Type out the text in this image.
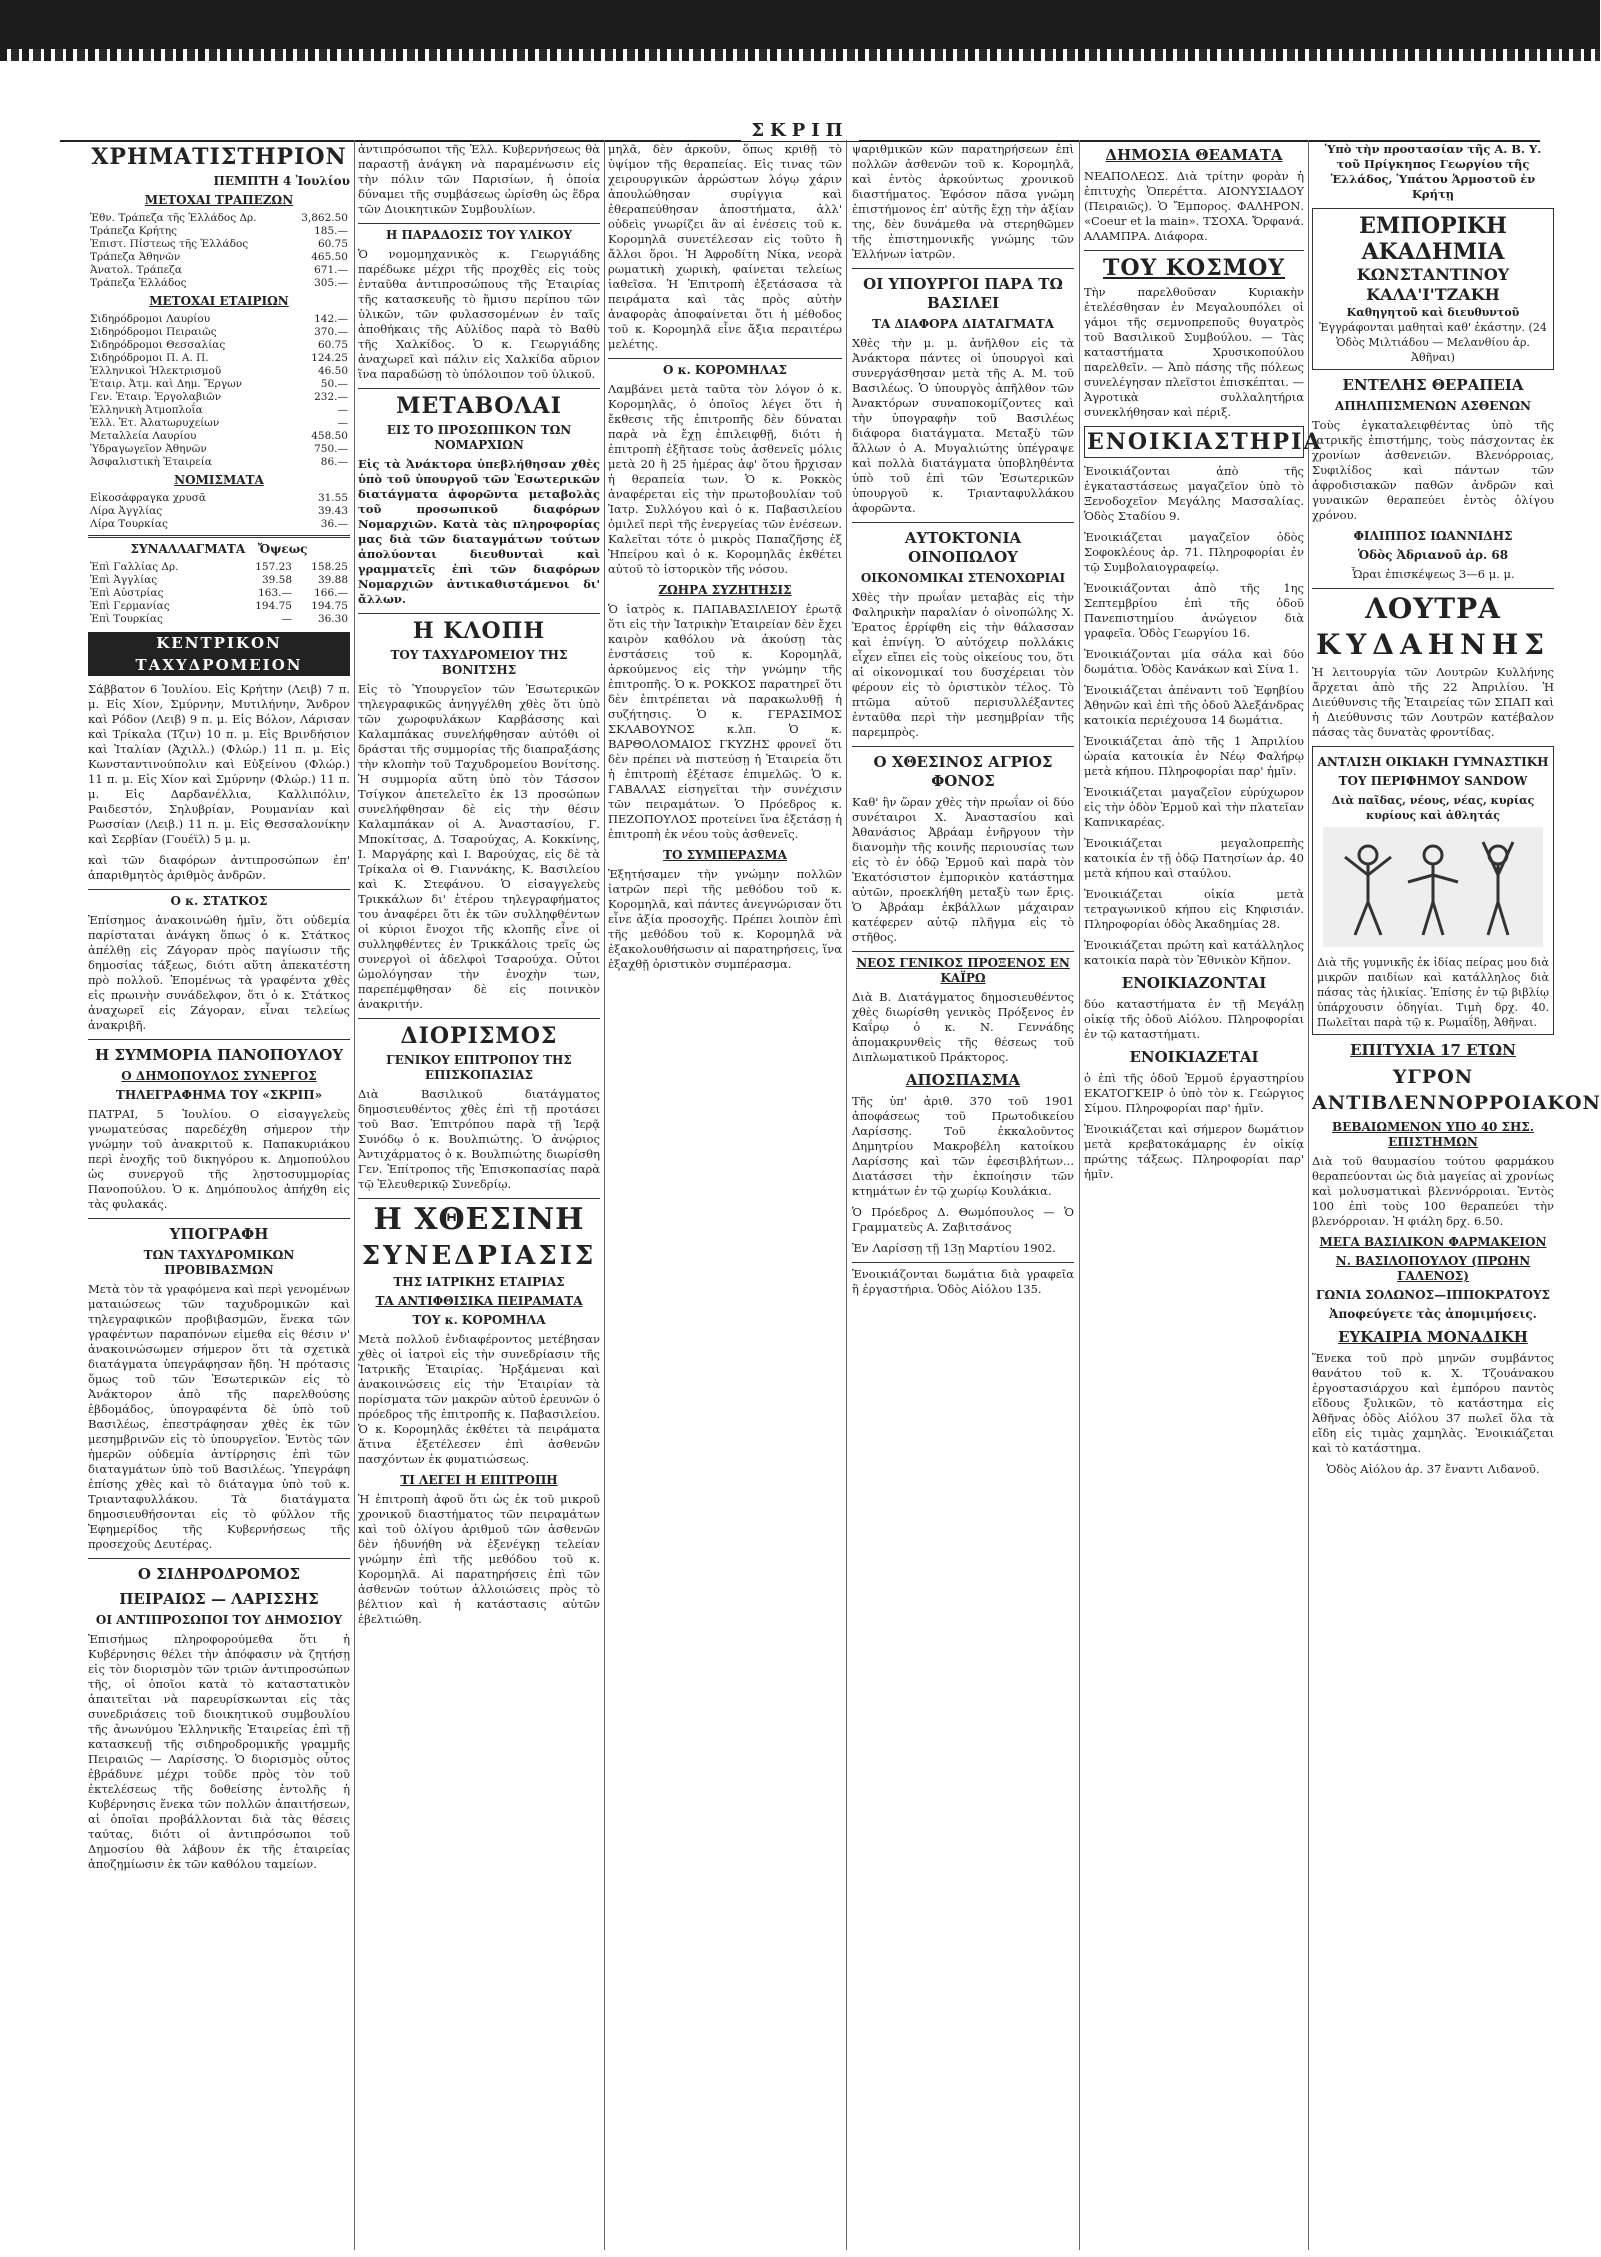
ΣΚΡΙΠ
ΧΡΗΜΑΤΙΣΤΗΡΙΟΝ
ΠΕΜΠΤΗ 4 Ἰουλίου
ΜΕΤΟΧΑΙ ΤΡΑΠΕΖΩΝ
Ἐθν. Τράπεζα τῆς Ἑλλάδος Δρ.	3,862.50
Τράπεζα Κρήτης	185.—
Ἐπιστ. Πίστεως τῆς Ἑλλάδος	60.75
Τράπεζα Ἀθηνῶν	465.50
Ἀνατολ. Τράπεζα	671.—
Τράπεζα Ἑλλάδος	305.—
ΜΕΤΟΧΑΙ ΕΤΑΙΡΙΩΝ
Σιδηρόδρομοι Λαυρίου	142.—
Σιδηρόδρομοι Πειραιῶς	370.—
Σιδηρόδρομοι Θεσσαλίας	60.75
Σιδηρόδρομοι Π. Α. Π.	124.25
Ἑλληνικοὶ Ἠλεκτρισμοῦ	46.50
Ἑταιρ. Ἀτμ. καὶ Δημ. Ἔργων	50.—
Γεν. Ἑταιρ. Ἐργολαβιῶν	232.—
Ἑλληνικὴ Ἀτμοπλοΐα	—
Ἑλλ. Ἑτ. Ἀλατωρυχείων	—
Μεταλλεία Λαυρίου	458.50
Ὑδραγωγεῖον Ἀθηνῶν	750.—
Ἀσφαλιστικὴ Ἑταιρεία	86.—
ΝΟΜΙΣΜΑΤΑ
Εἰκοσάφραγκα χρυσᾶ	31.55
Λίρα Ἀγγλίας	39.43
Λίρα Τουρκίας	36.—
ΣΥΝΑΛΛΑΓΜΑΤΑ Ὄψεως
Ἐπὶ Γαλλίας Δρ.	157.23	158.25
Ἐπὶ Ἀγγλίας	39.58	39.88
Ἐπὶ Αὐστρίας	163.—	166.—
Ἐπὶ Γερμανίας	194.75	194.75
Ἐπὶ Τουρκίας	—	36.30
ΚΕΝΤΡΙΚΟΝ ΤΑΧΥΔΡΟΜΕΙΟΝ
Σάββατον 6 Ἰουλίου. Εἰς Κρήτην (Λειβ) 7 π. μ. Εἰς Χίον, Σμύρνην, Μυτιλήνην, Ἄνδρον καὶ Ρόδον (Λειβ) 9 π. μ. Εἰς Βόλον, Λάρισαν καὶ Τρίκαλα (Τζιν) 10 π. μ. Εἰς Βρινδήσιον καὶ Ἰταλίαν (Ἀχιλλ.) (Φλώρ.) 11 π. μ. Εἰς Κωνσταντινούπολιν καὶ Εὐξείνου (Φλώρ.) 11 π. μ. Εἰς Χίον καὶ Σμύρνην (Φλώρ.) 11 π. μ. Εἰς Δαρδανέλλια, Καλλιπόλιν, Ραιδεστόν, Σηλυβρίαν, Ρουμανίαν καὶ Ρωσσίαν (Λειβ.) 11 π. μ. Εἰς Θεσσαλονίκην καὶ Σερβίαν (Γουέϊλ) 5 μ. μ.
καὶ τῶν διαφόρων ἀντιπροσώπων ἐπ' ἀπαριθμητὸς ἀριθμὸς ἀνδρῶν.
Ο κ. ΣΤΑΤΚΟΣ
Ἐπίσημος ἀνακοινώθη ἡμῖν, ὅτι οὐδεμία παρίσταται ἀνάγκη ὅπως ὁ κ. Στάτκος ἀπέλθῃ εἰς Ζάγοραν πρὸς παγίωσιν τῆς δημοσίας τάξεως, διότι αὕτη ἀπεκατέστη πρὸ πολλοῦ. Ἐπομένως τὰ γραφέντα χθὲς εἰς πρωινὴν συνάδελφον, ὅτι ὁ κ. Στάτκος ἀναχωρεῖ εἰς Ζάγοραν, εἶναι τελείως ἀνακριβῆ.
Η ΣΥΜΜΟΡΙΑ ΠΑΝΟΠΟΥΛΟΥ
Ο ΔΗΜΟΠΟΥΛΟΣ ΣΥΝΕΡΓΟΣ
ΤΗΛΕΓΡΑΦΗΜΑ ΤΟΥ «ΣΚΡΙΠ»
ΠΑΤΡΑΙ, 5 Ἰουλίου. Ο εἰσαγγελεὺς γνωματεύσας παρεδέχθη σήμερον τὴν γνώμην τοῦ ἀνακριτοῦ κ. Παπακυριάκου περὶ ἐνοχῆς τοῦ δικηγόρου κ. Δημοπούλου ὡς συνεργοῦ τῆς λῃστοσυμμορίας Πανοπούλου. Ὁ κ. Δημόπουλος ἀπήχθη εἰς τὰς φυλακάς.
ΥΠΟΓΡΑΦΗ
ΤΩΝ ΤΑΧΥΔΡΟΜΙΚΩΝ ΠΡΟΒΙΒΑΣΜΩΝ
Μετὰ τὸν τὰ γραφόμενα καὶ περὶ γενομένων ματαιώσεως τῶν ταχυδρομικῶν καὶ τηλεγραφικῶν προβιβασμῶν, ἕνεκα τῶν γραφέντων παραπόνων εἰμεθα εἰς θέσιν ν' ἀνακοινώσωμεν σήμερον ὅτι τὰ σχετικὰ διατάγματα ὑπεγράφησαν ἤδη. Ἡ πρότασις ὅμως τοῦ τῶν Ἐσωτερικῶν εἰς τὸ Ἀνάκτορον ἀπὸ τῆς παρελθούσης ἑβδομάδος, ὑπογραφέντα δὲ ὑπὸ τοῦ Βασιλέως, ἐπεστράφησαν χθὲς ἐκ τῶν μεσημβρινῶν εἰς τὸ ὑπουργεῖον. Ἐντὸς τῶν ἡμερῶν οὐδεμία ἀντίρρησις ἐπὶ τῶν διαταγμάτων ὑπὸ τοῦ Βασιλέως. Ὑπεγράφη ἐπίσης χθὲς καὶ τὸ διάταγμα ὑπὸ τοῦ κ. Τριανταφυλλάκου. Τὰ διατάγματα δημοσιευθήσονται εἰς τὸ φύλλον τῆς Ἐφημερίδος τῆς Κυβερνήσεως τῆς προσεχοῦς Δευτέρας.
Ο ΣΙΔΗΡΟΔΡΟΜΟΣ
ΠΕΙΡΑΙΩΣ — ΛΑΡΙΣΣΗΣ
ΟΙ ΑΝΤΙΠΡΟΣΩΠΟΙ ΤΟΥ ΔΗΜΟΣΙΟΥ
Ἐπισήμως πληροφορούμεθα ὅτι ἡ Κυβέρνησις θέλει τὴν ἀπόφασιν νὰ ζητήσῃ εἰς τὸν διορισμὸν τῶν τριῶν ἀντιπροσώπων τῆς, οἱ ὁποῖοι κατὰ τὸ καταστατικὸν ἀπαιτεῖται νὰ παρευρίσκωνται εἰς τὰς συνεδριάσεις τοῦ διοικητικοῦ συμβουλίου τῆς ἀνωνύμου Ἑλληνικῆς Ἑταιρείας ἐπὶ τῇ κατασκευῇ τῆς σιδηροδρομικῆς γραμμῆς Πειραιῶς — Λαρίσσης. Ὁ διορισμὸς οὗτος ἐβράδυνε μέχρι τοῦδε πρὸς τὸν τοῦ ἐκτελέσεως τῆς δοθείσης ἐντολῆς ἡ Κυβέρνησις ἕνεκα τῶν πολλῶν ἀπαιτήσεων, αἱ ὁποῖαι προβάλλονται διὰ τὰς θέσεις ταύτας, διότι οἱ ἀντιπρόσωποι τοῦ Δημοσίου θὰ λάβουν ἐκ τῆς ἑταιρείας ἀποζημίωσιν ἐκ τῶν καθόλου ταμείων.
ἀντιπρόσωποι τῆς Ἑλλ. Κυβερνήσεως θὰ παραστῇ ἀνάγκη νὰ παραμένωσιν εἰς τὴν πόλιν τῶν Παρισίων, ἡ ὁποία δύναμει τῆς συμβάσεως ὡρίσθη ὡς ἕδρα τῶν Διοικητικῶν Συμβουλίων.
Η ΠΑΡΑΔΟΣΙΣ ΤΟΥ ΥΛΙΚΟΥ
Ὁ νομομηχανικὸς κ. Γεωργιάδης παρέδωκε μέχρι τῆς προχθὲς εἰς τοὺς ἐνταῦθα ἀντιπροσώπους τῆς Ἑταιρίας τῆς κατασκευῆς τὸ ἥμισυ περίπου τῶν ὑλικῶν, τῶν φυλασσομένων ἐν ταῖς ἀποθήκαις τῆς Αὐλίδος παρὰ τὸ Βαθὺ τῆς Χαλκίδος. Ὁ κ. Γεωργιάδης ἀναχωρεῖ καὶ πάλιν εἰς Χαλκίδα αὔριον ἵνα παραδώσῃ τὸ ὑπόλοιπον τοῦ ὑλικοῦ.
ΜΕΤΑΒΟΛΑΙ
ΕΙΣ ΤΟ ΠΡΟΣΩΠΙΚΟΝ ΤΩΝ ΝΟΜΑΡΧΙΩΝ
Εἰς τὰ Ἀνάκτορα ὑπεβλήθησαν χθὲς ὑπὸ τοῦ ὑπουργοῦ τῶν Ἐσωτερικῶν διατάγματα ἀφορῶντα μεταβολὰς τοῦ προσωπικοῦ διαφόρων Νομαρχιῶν. Κατὰ τὰς πληροφορίας μας διὰ τῶν διαταγμάτων τούτων ἀπολύονται διευθυνταὶ καὶ γραμματεῖς ἐπὶ τῶν διαφόρων Νομαρχιῶν ἀντικαθιστάμενοι δι' ἄλλων.
Η ΚΛΟΠΗ
ΤΟΥ ΤΑΧΥΔΡΟΜΕΙΟΥ ΤΗΣ ΒΟΝΙΤΣΗΣ
Εἰς τὸ Ὑπουργεῖον τῶν Ἐσωτερικῶν τηλεγραφικῶς ἀνηγγέλθη χθὲς ὅτι ὑπὸ τῶν χωροφυλάκων Καρβάσσης καὶ Καλαμπάκας συνελήφθησαν αὐτόθι οἱ δράσται τῆς συμμορίας τῆς διαπραξάσης τὴν κλοπὴν τοῦ Ταχυδρομείου Βονίτσης. Ἡ συμμορία αὕτη ὑπὸ τὸν Τάσσον Τσίγκον ἀπετελεῖτο ἐκ 13 προσώπων συνελήφθησαν δὲ εἰς τὴν θέσιν Καλαμπάκαν οἱ Α. Ἀναστασίου, Γ. Μποκίτσας, Δ. Τσαρούχας, Α. Κοκκίνης, Ι. Μαργάρης καὶ Ι. Βαρούχας, εἰς δὲ τὰ Τρίκαλα οἱ Θ. Γιαννάκης, Κ. Βασιλείου καὶ Κ. Στεφάνου. Ὁ εἰσαγγελεὺς Τρικκάλων δι' ἑτέρου τηλεγραφήματος του ἀναφέρει ὅτι ἐκ τῶν συλληφθέντων οἱ κύριοι ἔνοχοι τῆς κλοπῆς εἶνε οἱ συλληφθέντες ἐν Τρικκάλοις τρεῖς ὡς συνεργοὶ οἱ ἀδελφοὶ Τσαρούχα. Οὗτοι ὡμολόγησαν τὴν ἐνοχὴν των, παρεπέμφθησαν δὲ εἰς ποινικὸν ἀνακριτήν.
ΔΙΟΡΙΣΜΟΣ
ΓΕΝΙΚΟΥ ΕΠΙΤΡΟΠΟΥ ΤΗΣ ΕΠΙΣΚΟΠΑΣΙΑΣ
Διὰ Βασιλικοῦ διατάγματος δημοσιευθέντος χθὲς ἐπὶ τῇ προτάσει τοῦ Βασ. Ἐπιτρόπου παρὰ τῇ Ἱερᾷ Συνόδῳ ὁ κ. Βουλπιώτης. Ὁ ἀνῴριος Ἀντιχάρματος ὁ κ. Βουλπιώτης διωρίσθη Γεν. Ἐπίτροπος τῆς Ἐπισκοπασίας παρὰ τῷ Ἐλευθερικῷ Συνεδρίῳ.
Η ΧΘΕΣΙΝΗ
ΣΥΝΕΔΡΙΑΣΙΣ
ΤΗΣ ΙΑΤΡΙΚΗΣ ΕΤΑΙΡΙΑΣ
ΤΑ ΑΝΤΙΦΘΙΣΙΚΑ ΠΕΙΡΑΜΑΤΑ
ΤΟΥ κ. ΚΟΡΟΜΗΛΑ
Μετὰ πολλοῦ ἐνδιαφέροντος μετέβησαν χθὲς οἱ ἰατροὶ εἰς τὴν συνεδρίασιν τῆς Ἰατρικῆς Ἑταιρίας. Ἠρξάμεναι καὶ ἀνακοινώσεις εἰς τὴν Ἑταιρίαν τὰ πορίσματα τῶν μακρῶν αὐτοῦ ἐρευνῶν ὁ πρόεδρος τῆς ἐπιτροπῆς κ. Παβασιλείου. Ὁ κ. Κορομηλᾶς ἐκθέτει τὰ πειράματα ἅτινα ἐξετέλεσεν ἐπὶ ἀσθενῶν πασχόντων ἐκ φυματιώσεως.
ΤΙ ΛΕΓΕΙ Η ΕΠΙΤΡΟΠΗ
Ἡ ἐπιτροπὴ ἀφοῦ ὅτι ὡς ἐκ τοῦ μικροῦ χρονικοῦ διαστήματος τῶν πειραμάτων καὶ τοῦ ὀλίγου ἀριθμοῦ τῶν ἀσθενῶν δὲν ἠδυνήθη νὰ ἐξενέγκῃ τελείαν γνώμην ἐπὶ τῆς μεθόδου τοῦ κ. Κορομηλᾶ. Αἱ παρατηρήσεις ἐπὶ τῶν ἀσθενῶν τούτων ἀλλοιώσεις πρὸς τὸ βέλτιον καὶ ἡ κατάστασις αὐτῶν ἐβελτιώθη.
μηλᾶ, δὲν ἀρκοῦν, ὅπως κριθῇ τὸ ὑψίμον τῆς θεραπείας. Εἰς τινας τῶν χειρουργικῶν ἀρρώστων λόγῳ χάριν ἀπουλώθησαν συρίγγια καὶ ἐθεραπεύθησαν ἀποστήματα, ἀλλ' οὐδεὶς γνωρίζει ἂν αἱ ἐνέσεις τοῦ κ. Κορομηλᾶ συνετέλεσαν εἰς τοῦτο ἢ ἄλλοι ὅροι. Ἡ Ἀφροδίτη Νίκα, νεορὰ ρωματικὴ χωρικὴ, φαίνεται τελείως ἰαθεῖσα. Ἡ Ἐπιτροπὴ ἐξετάσασα τὰ πειράματα καὶ τὰς πρὸς αὐτὴν ἀναφορὰς ἀποφαίνεται ὅτι ἡ μέθοδος τοῦ κ. Κορομηλᾶ εἶνε ἄξια περαιτέρω μελέτης.
Ο κ. ΚΟΡΟΜΗΛΑΣ
Λαμβάνει μετὰ ταῦτα τὸν λόγον ὁ κ. Κορομηλᾶς, ὁ ὁποῖος λέγει ὅτι ἡ ἔκθεσις τῆς ἐπιτροπῆς δὲν δύναται παρὰ νὰ ἔχῃ ἐπιλειφθῇ, διότι ἡ ἐπιτροπὴ ἐξῆτασε τοὺς ἀσθενεῖς μόλις μετὰ 20 ἢ 25 ἡμέρας ἀφ' ὅτου ἤρχισαν ἡ θεραπεία των. Ὁ κ. Ροκκὸς ἀναφέρεται εἰς τὴν πρωτοβουλίαν τοῦ Ἰατρ. Συλλόγου καὶ ὁ κ. Παβασιλείου ὁμιλεῖ περὶ τῆς ἐνεργείας τῶν ἐνέσεων. Καλεῖται τότε ὁ μικρὸς Παπαζῆσης ἐξ Ἠπείρου καὶ ὁ κ. Κορομηλᾶς ἐκθέτει αὐτοῦ τὸ ἱστορικὸν τῆς νόσου.
ΖΩΗΡΑ ΣΥΖΗΤΗΣΙΣ
Ὁ ἰατρὸς κ. ΠΑΠΑΒΑΣΙΛΕΙΟΥ ἐρωτᾷ ὅτι εἰς τὴν Ἰατρικὴν Ἑταιρείαν δὲν ἔχει καιρὸν καθόλου νὰ ἀκούσῃ τὰς ἐνστάσεις τοῦ κ. Κορομηλᾶ, ἀρκούμενος εἰς τὴν γνώμην τῆς ἐπιτροπῆς. Ὁ κ. ΡΟΚΚΟΣ παρατηρεῖ ὅτι δὲν ἐπιτρέπεται νὰ παρακωλυθῇ ἡ συζήτησις. Ὁ κ. ΓΕΡΑΣΙΜΟΣ ΣΚΛΑΒΟΥΝΟΣ κ.λπ. Ὁ κ. ΒΑΡΘΟΛΟΜΑΙΟΣ ΓΚΥΖΗΣ φρονεῖ ὅτι δὲν πρέπει νὰ πιστεύσῃ ἡ Ἑταιρεία ὅτι ἡ ἐπιτροπὴ ἐξέτασε ἐπιμελῶς. Ὁ κ. ΓΑΒΑΛΑΣ εἰσηγεῖται τὴν συνέχισιν τῶν πειραμάτων. Ὁ Πρόεδρος κ. ΠΕΖΟΠΟΥΛΟΣ προτείνει ἵνα ἐξετάσῃ ἡ ἐπιτροπὴ ἐκ νέου τοὺς ἀσθενεῖς.
ΤΟ ΣΥΜΠΕΡΑΣΜΑ
Ἐξητήσαμεν τὴν γνώμην πολλῶν ἰατρῶν περὶ τῆς μεθόδου τοῦ κ. Κορομηλᾶ, καὶ πάντες ἀνεγνώρισαν ὅτι εἶνε ἀξία προσοχῆς. Πρέπει λοιπὸν ἐπὶ τῆς μεθόδου τοῦ κ. Κορομηλᾶ νὰ ἐξακολουθήσωσιν αἱ παρατηρήσεις, ἵνα ἐξαχθῇ ὁριστικὸν συμπέρασμα.
ψαριθμικῶν κῶν παρατηρήσεων ἐπὶ πολλῶν ἀσθενῶν τοῦ κ. Κορομηλᾶ, καὶ ἐντὸς ἀρκούντως χρονικοῦ διαστήματος. Ἐφόσον πᾶσα γνώμη ἐπιστήμονος ἐπ' αὐτῆς ἔχῃ τὴν ἀξίαν της, δὲν δυνάμεθα νὰ στερηθῶμεν τῆς ἐπιστημονικῆς γνώμης τῶν Ἑλλήνων ἰατρῶν.
ΟΙ ΥΠΟΥΡΓΟΙ ΠΑΡΑ ΤΩ ΒΑΣΙΛΕΙ
ΤΑ ΔΙΑΦΟΡΑ ΔΙΑΤΑΓΜΑΤΑ
Χθὲς τὴν μ. μ. ἀνῆλθον εἰς τὰ Ἀνάκτορα πάντες οἱ ὑπουργοὶ καὶ συνεργάσθησαν μετὰ τῆς Α. Μ. τοῦ Βασιλέως. Ὁ ὑπουργὸς ἀπῆλθον τῶν Ἀνακτόρων συναποκομίζοντες καὶ τὴν ὑπογραφὴν τοῦ Βασιλέως διάφορα διατάγματα. Μεταξὺ τῶν ἄλλων ὁ Α. Μυγαλιώτης ὑπέγραψε καὶ πολλὰ διατάγματα ὑποβληθέντα ὑπὸ τοῦ ἐπὶ τῶν Ἐσωτερικῶν ὑπουργοῦ κ. Τριανταφυλλάκου ἀφορῶντα.
ΑΥΤΟΚΤΟΝΙΑ ΟΙΝΟΠΩΛΟΥ
ΟΙΚΟΝΟΜΙΚΑΙ ΣΤΕΝΟΧΩΡΙΑΙ
Χθὲς τὴν πρωΐαν μεταβὰς εἰς τὴν Φαληρικὴν παραλίαν ὁ οἰνοπώλης Χ. Ἐρατος ἐρρίφθη εἰς τὴν θάλασσαν καὶ ἐπνίγη. Ὁ αὐτόχειρ πολλάκις εἶχεν εἴπει εἰς τοὺς οἰκείους του, ὅτι αἱ οἰκονομικαί του δυσχέρειαι τὸν φέρουν εἰς τὸ ὁριστικὸν τέλος. Τὸ πτῶμα αὐτοῦ περισυλλέξαντες ἐνταῦθα περὶ τὴν μεσημβρίαν τῆς παρεμπρὸς.
Ο ΧΘΕΣΙΝΟΣ ΑΓΡΙΟΣ ΦΟΝΟΣ
Καθ' ἣν ὥραν χθὲς τὴν πρωΐαν οἱ δύο συνέταιροι Χ. Ἀναστασίου καὶ Ἀθανάσιος Ἀβράαμ ἐνῆργουν τὴν διανομὴν τῆς κοινῆς περιουσίας των εἰς τὸ ἐν ὁδῷ Ἑρμοῦ καὶ παρὰ τὸν Ἐκατόσιστον ἐμπορικὸν κατάστημα αὐτῶν, προεκλήθη μεταξὺ των ἔρις. Ὁ Ἀβράαμ ἐκβάλλων μάχαιραν κατέφερεν αὐτῷ πλῆγμα εἰς τὸ στῆθος.
ΝΕΟΣ ΓΕΝΙΚΟΣ ΠΡΟΞΕΝΟΣ ΕΝ ΚΑΪΡΩ
Διὰ Β. Διατάγματος δημοσιευθέντος χθὲς διωρίσθη γενικὸς Πρόξενος ἐν Καΐρῳ ὁ κ. Ν. Γεννάδης ἀπομακρυνθεὶς τῆς θέσεως τοῦ Διπλωματικοῦ Πράκτορος.
ΑΠΟΣΠΑΣΜΑ
Τῆς ὑπ' ἀριθ. 370 τοῦ 1901 ἀποφάσεως τοῦ Πρωτοδικείου Λαρίσσης. Τοῦ ἐκκαλοῦντος Δημητρίου Μακροβέλη κατοίκου Λαρίσσης καὶ τῶν ἐφεσιβλήτων... Διατάσσει τὴν ἐκποίησιν τῶν κτημάτων ἐν τῷ χωρίῳ Κουλάκια.
Ὁ Πρόεδρος Δ. Θωμόπουλος — Ὁ Γραμματεὺς Α. Ζαβιτσάνος
Ἐν Λαρίσσῃ τῇ 13ῃ Μαρτίου 1902.
Ἐνοικιάζονται δωμάτια διὰ γραφεῖα ἢ ἐργαστήρια. Ὁδὸς Αἰόλου 135.
ΔΗΜΟΣΙΑ ΘΕΑΜΑΤΑ
ΝΕΑΠΟΛΕΩΣ. Διὰ τρίτην φορὰν ἡ ἐπιτυχὴς Ὁπερέττα. ΑΙΟΝΥΣΙΑΔΟΥ (Πειραιῶς). Ὁ Ἔμπορος. ΦΑΛΗΡΟΝ. «Coeur et la main». ΤΣΟΧΑ. Ὄρφανά. ΑΛΑΜΠΡΑ. Διάφορα.
ΤΟΥ ΚΟΣΜΟΥ
Τὴν παρελθοῦσαν Κυριακὴν ἐτελέσθησαν ἐν Μεγαλουπόλει οἱ γάμοι τῆς σεμνοπρεποῦς θυγατρὸς τοῦ Βασιλικοῦ Συμβούλου. — Τὰς καταστήματα Χρυσικοπούλου παρελθεῖν. — Ἀπὸ πάσης τῆς πόλεως συνελέγησαν πλεῖστοι ἐπισκέπται. — Ἀγροτικὰ συλλαλητήρια συνεκλήθησαν καὶ πέριξ.
ΕΝΟΙΚΙΑΣΤΗΡΙΑ
Ἐνοικιάζονται ἀπὸ τῆς ἐγκαταστάσεως μαγαζεῖον ὑπὸ τὸ Ξενοδοχεῖον Μεγάλης Μασσαλίας. Ὁδὸς Σταδίου 9.
Ἐνοικιάζεται μαγαζεῖον ὁδὸς Σοφοκλέους ἀρ. 71. Πληροφορίαι ἐν τῷ Συμβολαιογραφείῳ.
Ἐνοικιάζονται ἀπὸ τῆς 1ης Σεπτεμβρίου ἐπὶ τῆς ὁδοῦ Πανεπιστημίου ἀνώγειον διὰ γραφεῖα. Ὁδὸς Γεωργίου 16.
Ἐνοικιάζονται μία σάλα καὶ δύο δωμάτια. Ὁδὸς Κανάκων καὶ Σίνα 1.
Ἐνοικιάζεται ἀπέναντι τοῦ Ἐφηβίου Ἀθηνῶν καὶ ἐπὶ τῆς ὁδοῦ Ἀλεξάνδρας κατοικία περιέχουσα 14 δωμάτια.
Ἐνοικιάζεται ἀπὸ τῆς 1 Ἀπριλίου ὡραία κατοικία ἐν Νέῳ Φαλήρῳ μετὰ κήπου. Πληροφορίαι παρ' ἡμῖν.
Ἐνοικιάζεται μαγαζεῖον εὐρύχωρον εἰς τὴν ὁδὸν Ἑρμοῦ καὶ τὴν πλατεῖαν Καπνικαρέας.
Ἐνοικιάζεται μεγαλοπρεπὴς κατοικία ἐν τῇ ὁδῷ Πατησίων ἀρ. 40 μετὰ κήπου καὶ σταύλου.
Ἐνοικιάζεται οἰκία μετὰ τετραγωνικοῦ κήπου εἰς Κηφισιάν. Πληροφορίαι ὁδὸς Ἀκαδημίας 28.
Ἐνοικιάζεται πρώτη καὶ κατάλληλος κατοικία παρὰ τὸν Ἐθνικὸν Κῆπον.
ΕΝΟΙΚΙΑΖΟΝΤΑΙ
δύο καταστήματα ἐν τῇ Μεγάλῃ οἰκίᾳ τῆς ὁδοῦ Αἰόλου. Πληροφορίαι ἐν τῷ καταστήματι.
ΕΝΟΙΚΙΑΖΕΤΑΙ
ὁ ἐπὶ τῆς ὁδοῦ Ἑρμοῦ ἐργαστηρίου ΕΚΑΤΟΓΚΕΙΡ ὁ ὑπὸ τὸν κ. Γεώργιος Σίμου. Πληροφορίαι παρ' ἡμῖν.
Ἐνοικιάζεται καὶ σήμερον δωμάτιον μετὰ κρεβατοκάμαρης ἐν οἰκίᾳ πρώτης τάξεως. Πληροφορίαι παρ' ἡμῖν.
Ὑπὸ τὴν προστασίαν τῆς Α. Β. Υ. τοῦ Πρίγκηπος Γεωργίου τῆς Ἑλλάδος, Ὑπάτου Ἁρμοστοῦ ἐν Κρήτῃ
ΕΜΠΟΡΙΚΗ ΑΚΑΔΗΜΙΑ
ΚΩΝΣΤΑΝΤΙΝΟΥ ΚΑΛΑ'Ι'ΤΖΑΚΗ
Καθηγητοῦ καὶ διευθυντοῦ
Ἐγγράφονται μαθηταὶ καθ' ἑκάστην. (24 Ὁδὸς Μιλτιάδου — Μελανθίου ἀρ. Ἀθῆναι)
ΕΝΤΕΛΗΣ ΘΕΡΑΠΕΙΑ
ΑΠΗΛΠΙΣΜΕΝΩΝ ΑΣΘΕΝΩΝ
Τοὺς ἐγκαταλειφθέντας ὑπὸ τῆς ἰατρικῆς ἐπιστήμης, τοὺς πάσχοντας ἐκ χρονίων ἀσθενειῶν. Βλενόρροιας, Συφιλίδος καὶ πάντων τῶν ἀφροδισιακῶν παθῶν ἀνδρῶν καὶ γυναικῶν θεραπεύει ἐντὸς ὀλίγου χρόνου.
ΦΙΛΙΠΠΟΣ ΙΩΑΝΝΙΔΗΣ
Ὁδὸς Ἀδριανοῦ ἀρ. 68
Ὧραι ἐπισκέψεως 3—6 μ. μ.
ΛΟΥΤΡΑ
ΚΥΔΑΗΝΗΣ
Ἡ λειτουργία τῶν Λουτρῶν Κυλλήνης ἄρχεται ἀπὸ τῆς 22 Ἀπριλίου. Ἡ Διεύθυνσις τῆς Ἑταιρείας τῶν ΣΠΑΠ καὶ ἡ Διεύθυνσις τῶν Λουτρῶν κατέβαλον πάσας τὰς δυνατὰς φροντίδας.
ΑΝΤΛΙΣΗ ΟΙΚΙΑΚΗ ΓΥΜΝΑΣΤΙΚΗ
ΤΟΥ ΠΕΡΙΦΗΜΟΥ SANDOW
Διὰ παῖδας, νέους, νέας, κυρίας κυρίους καὶ ἀθλητάς
Διὰ τῆς γυμνικῆς ἐκ ἰδίας πείρας μου διὰ μικρῶν παιδίων καὶ κατάλληλος διὰ πάσας τὰς ἡλικίας. Ἐπίσης ἐν τῷ βιβλίῳ ὑπάρχουσιν ὁδηγίαι. Τιμὴ δρχ. 40. Πωλεῖται παρὰ τῷ κ. Ρωμαΐδῃ, Ἀθῆναι.
ΕΠΙΤΥΧΙΑ 17 ΕΤΩΝ
ΥΓΡΟΝ ΑΝΤΙΒΛΕΝΝΟΡΡΟΙΑΚΟΝ
ΒΕΒΑΙΩΜΕΝΟΝ ΥΠΟ 40 ΣΗΣ. ΕΠΙΣΤΗΜΩΝ
Διὰ τοῦ θαυμασίου τούτου φαρμάκου θεραπεύονται ὡς διὰ μαγείας αἱ χρονίως καὶ μολυσματικαὶ βλεννόρροιαι. Ἐντὸς 100 ἐπὶ τοὺς 100 θεραπεύει τὴν βλενόρροιαν. Ἡ φιάλη δρχ. 6.50.
ΜΕΓΑ ΒΑΣΙΛΙΚΟΝ ΦΑΡΜΑΚΕΙΟΝ
Ν. ΒΑΣΙΛΟΠΟΥΛΟΥ (ΠΡΩΗΝ ΓΑΛΕΝΟΣ)
ΓΩΝΙΑ ΣΟΛΩΝΟΣ—ΙΠΠΟΚΡΑΤΟΥΣ
Ἀποφεύγετε τὰς ἀπομιμήσεις.
ΕΥΚΑΙΡΙΑ ΜΟΝΑΔΙΚΗ
Ἕνεκα τοῦ πρὸ μηνῶν συμβάντος θανάτου τοῦ κ. Χ. Τζουάνακου ἐργοστασιάρχου καὶ ἐμπόρου παντὸς εἴδους ξυλικῶν, τὸ κατάστημα εἰς Ἀθῆνας ὁδὸς Αἰόλου 37 πωλεῖ ὅλα τὰ εἴδη εἰς τιμὰς χαμηλὰς. Ἐνοικιάζεται καὶ τὸ κατάστημα.
Ὁδὸς Αἰόλου ἀρ. 37 ἔναντι Λιδανοῦ.
